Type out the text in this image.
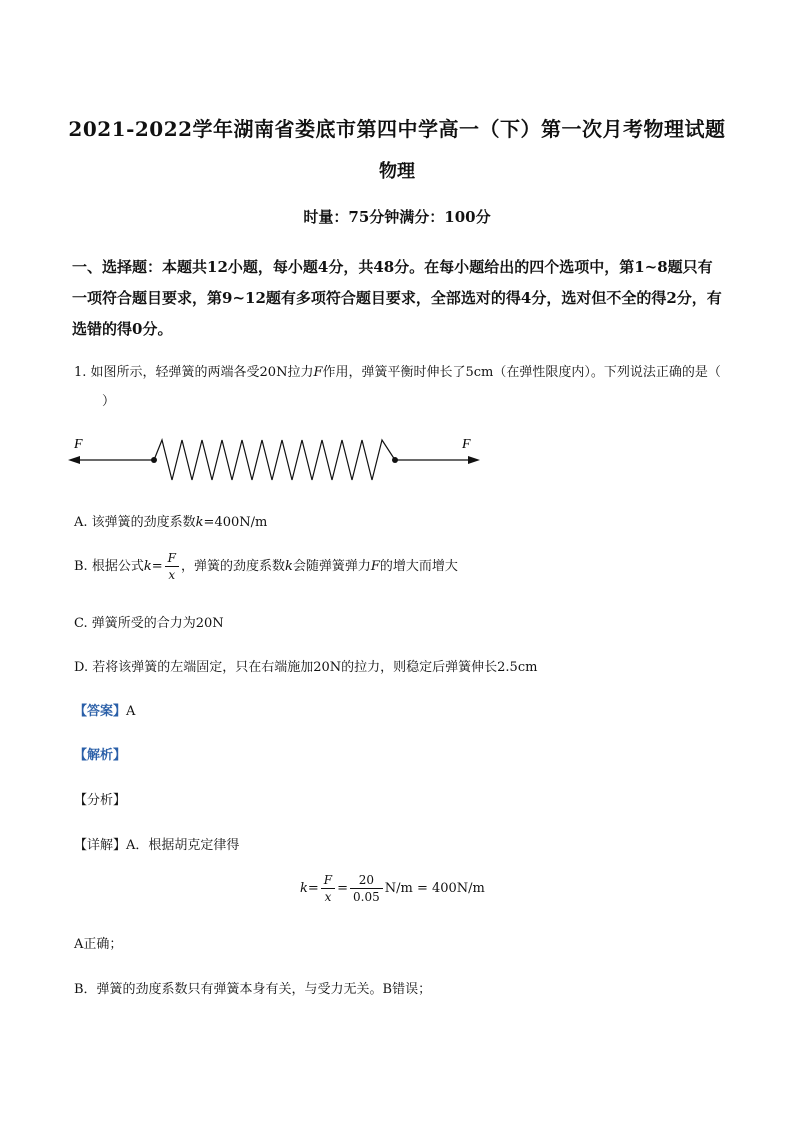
2021-2022学年湖南省娄底市第四中学高一（下）第一次月考物理试题
物理
时量：75分钟满分：100分
一、选择题：本题共12小题，每小题4分，共48分。在每小题给出的四个选项中，第1~8题只有一项符合题目要求，第9~12题有多项符合题目要求，全部选对的得4分，选对但不全的得2分，有选错的得0分。
1. 如图所示，轻弹簧的两端各受20N拉力F作用，弹簧平衡时伸长了5cm（在弹性限度内）。下列说法正确的是（）
F	F
A. 该弹簧的劲度系数k=400N/m
B. 根据公式$k= \frac{F}{x}$ ，弹簧的劲度系数k会随弹簧弹力F的增大而增大
C. 弹簧所受的合力为20N
D. 若将该弹簧的左端固定，只在右端施加20N的拉力，则稳定后弹簧伸长2.5cm
【答案】A
【解析】
【分析】
【详解】A．根据胡克定律得
$k= \frac{F}{x} = \frac{20}{0.05} N/m = 400N/m$
A正确；
B．弹簧的劲度系数只有弹簧本身有关，与受力无关。B错误；
